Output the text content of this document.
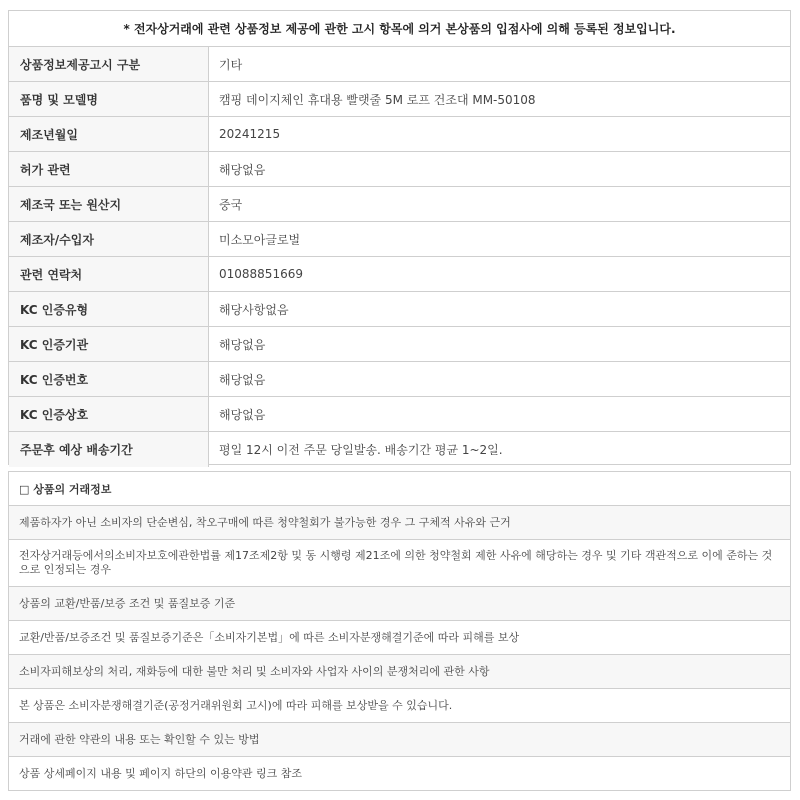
* 전자상거래에 관련 상품정보 제공에 관한 고시 항목에 의거 본상품의 입점사에 의해 등록된 정보입니다.
상품정보제공고시 구분	기타
품명 및 모델명	캠핑 데이지체인 휴대용 빨랫줄 5M 로프 건조대 MM-50108
제조년월일	20241215
허가 관련	해당없음
제조국 또는 원산지	중국
제조자/수입자	미소모아글로벌
관련 연락처	01088851669
KC 인증유형	해당사항없음
KC 인증기관	해당없음
KC 인증번호	해당없음
KC 인증상호	해당없음
주문후 예상 배송기간	평일 12시 이전 주문 당일발송. 배송기간 평균 1~2일.
□ 상품의 거래정보
제품하자가 아닌 소비자의 단순변심, 착오구매에 따른 청약철회가 불가능한 경우 그 구체적 사유와 근거
전자상거래등에서의소비자보호에관한법률 제17조제2항 및 동 시행령 제21조에 의한 청약철회 제한 사유에 해당하는 경우 및 기타 객관적으로 이에 준하는 것으로 인정되는 경우
상품의 교환/반품/보증 조건 및 품질보증 기준
교환/반품/보증조건 및 품질보증기준은「소비자기본법」에 따른 소비자분쟁해결기준에 따라 피해를 보상
소비자피해보상의 처리, 재화등에 대한 불만 처리 및 소비자와 사업자 사이의 분쟁처리에 관한 사항
본 상품은 소비자분쟁해결기준(공정거래위원회 고시)에 따라 피해를 보상받을 수 있습니다.
거래에 관한 약관의 내용 또는 확인할 수 있는 방법
상품 상세페이지 내용 및 페이지 하단의 이용약관 링크 참조
